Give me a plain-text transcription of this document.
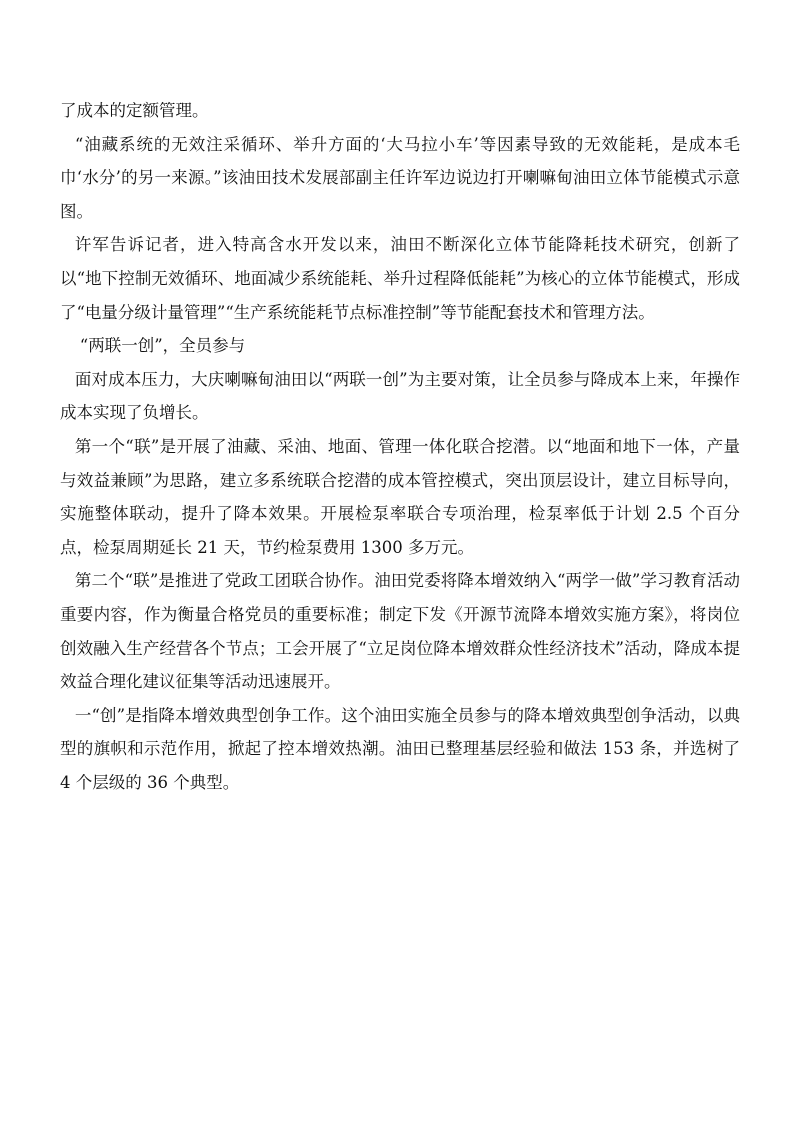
了成本的定额管理。

“油藏系统的无效注采循环、举升方面的‘大马拉小车’等因素导致的无效能耗，是成本毛巾‘水分’的另一来源。”该油田技术发展部副主任许军边说边打开喇嘛甸油田立体节能模式示意图。

许军告诉记者，进入特高含水开发以来，油田不断深化立体节能降耗技术研究，创新了以“地下控制无效循环、地面减少系统能耗、举升过程降低能耗”为核心的立体节能模式，形成了“电量分级计量管理”“生产系统能耗节点标准控制”等节能配套技术和管理方法。

“两联一创”，全员参与

面对成本压力，大庆喇嘛甸油田以“两联一创”为主要对策，让全员参与降成本上来，年操作成本实现了负增长。

第一个“联”是开展了油藏、采油、地面、管理一体化联合挖潜。以“地面和地下一体，产量与效益兼顾”为思路，建立多系统联合挖潜的成本管控模式，突出顶层设计，建立目标导向，实施整体联动，提升了降本效果。开展检泵率联合专项治理，检泵率低于计划 2.5 个百分点，检泵周期延长 21 天，节约检泵费用 1300 多万元。

第二个“联”是推进了党政工团联合协作。油田党委将降本增效纳入“两学一做”学习教育活动重要内容，作为衡量合格党员的重要标准；制定下发《开源节流降本增效实施方案》，将岗位创效融入生产经营各个节点；工会开展了“立足岗位降本增效群众性经济技术”活动，降成本提效益合理化建议征集等活动迅速展开。

一“创”是指降本增效典型创争工作。这个油田实施全员参与的降本增效典型创争活动，以典型的旗帜和示范作用，掀起了控本增效热潮。油田已整理基层经验和做法 153 条，并选树了 4 个层级的 36 个典型。
